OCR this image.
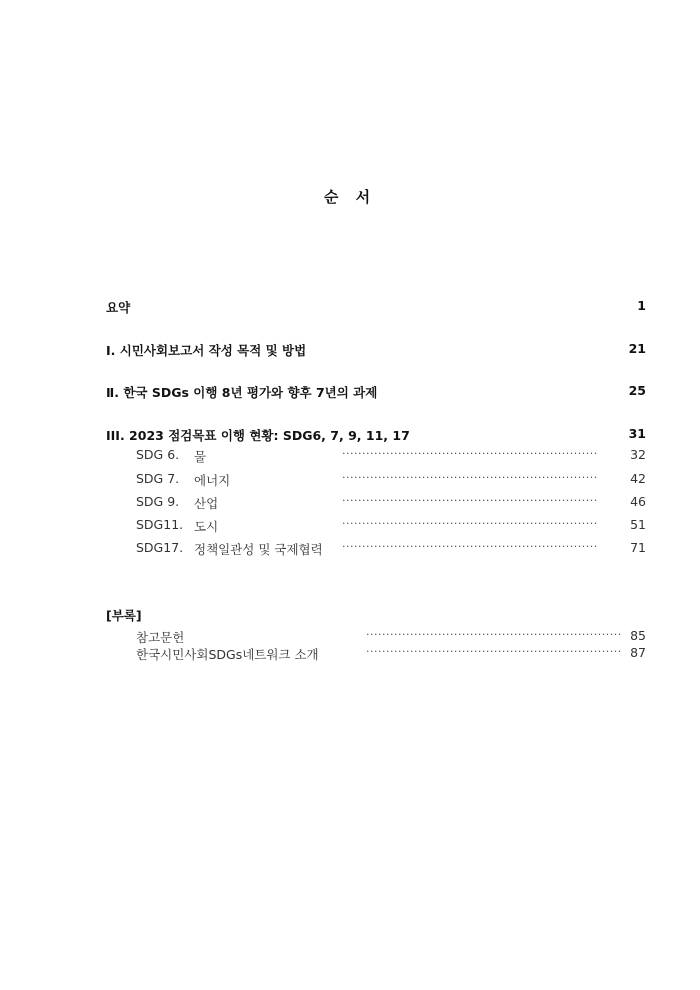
순 서
요약	1
Ⅰ. 시민사회보고서 작성 목적 및 방법	21
Ⅱ. 한국 SDGs 이행 8년 평가와 향후 7년의 과제	25
III. 2023 점검목표 이행 현황: SDG6, 7, 9, 11, 17	31
SDG 6. 물	································································	32
SDG 7. 에너지	································································	42
SDG 9. 산업	································································	46
SDG11. 도시	································································	51
SDG17. 정책일관성 및 국제협력 ································································	71
[부록]
참고문헌	································································ 85
한국시민사회SDGs네트워크 소개	································································ 87
